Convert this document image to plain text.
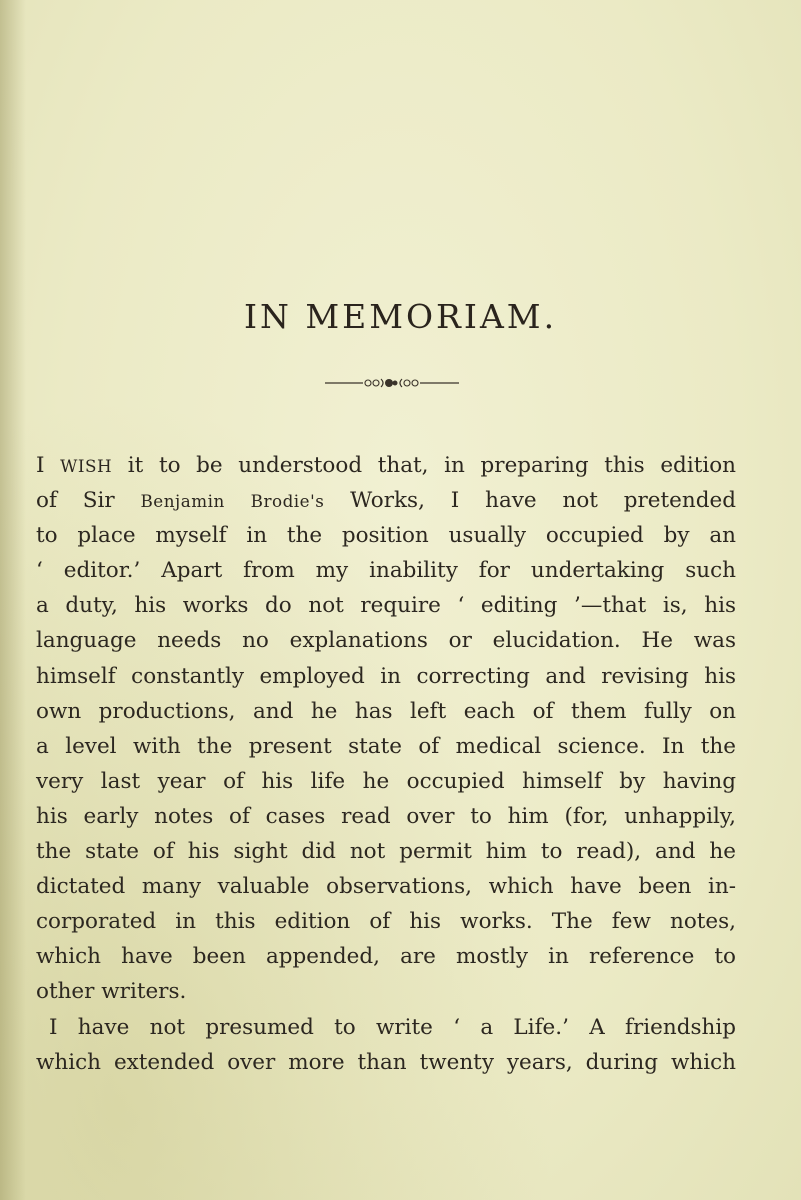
IN MEMORIAM.
I WISH it to be understood that, in preparing this edition
of Sir Benjamin Brodie's Works, I have not pretended
to place myself in the position usually occupied by an
‘ editor.’ Apart from my inability for undertaking such
a duty, his works do not require ‘ editing ’—that is, his
language needs no explanations or elucidation. He was
himself constantly employed in correcting and revising his
own productions, and he has left each of them fully on
a level with the present state of medical science. In the
very last year of his life he occupied himself by having
his early notes of cases read over to him (for, unhappily,
the state of his sight did not permit him to read), and he
dictated many valuable observations, which have been in-
corporated in this edition of his works. The few notes,
which have been appended, are mostly in reference to
other writers.
I have not presumed to write ‘ a Life.’ A friendship
which extended over more than twenty years, during which
